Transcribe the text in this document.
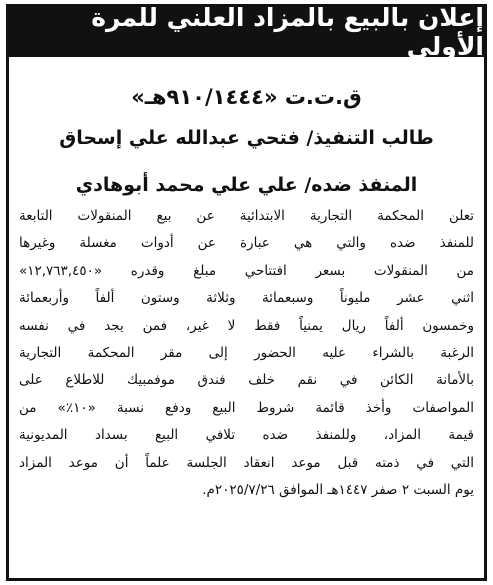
إعلان بالبيع بالمزاد العلني للمرة الأولى
ق.ت.ت «٩١٠/١٤٤٤هـ»
طالب التنفيذ/ فتحي عبدالله علي إسحاق
المنفذ ضده/ علي علي محمد أبوهادي
تعلن المحكمة التجارية الابتدائية عن بيع المنقولات التابعة
للمنفذ ضده والتي هي عبارة عن أدوات مغسلة وغيرها
من المنقولات بسعر افتتاحي مبلغ وقدره «١٢,٧٦٣,٤٥٠»
اثني عشر مليوناً وسبعمائة وثلاثة وستون ألفاً وأربعمائة
وخمسون ألفاً ريال يمنياً فقط لا غير، فمن يجد في نفسه
الرغبة بالشراء عليه الحضور إلى مقر المحكمة التجارية
بالأمانة الكائن في نقم خلف فندق موفمبيك للاطلاع على
المواصفات وأخذ قائمة شروط البيع ودفع نسبة «١٠٪» من
قيمة المزاد، وللمنفذ ضده تلافي البيع بسداد المديونية
التي في ذمته قبل موعد انعقاد الجلسة علماً أن موعد المزاد
يوم السبت ٢ صفر ١٤٤٧هـ الموافق ٢٠٢٥/٧/٢٦م.
